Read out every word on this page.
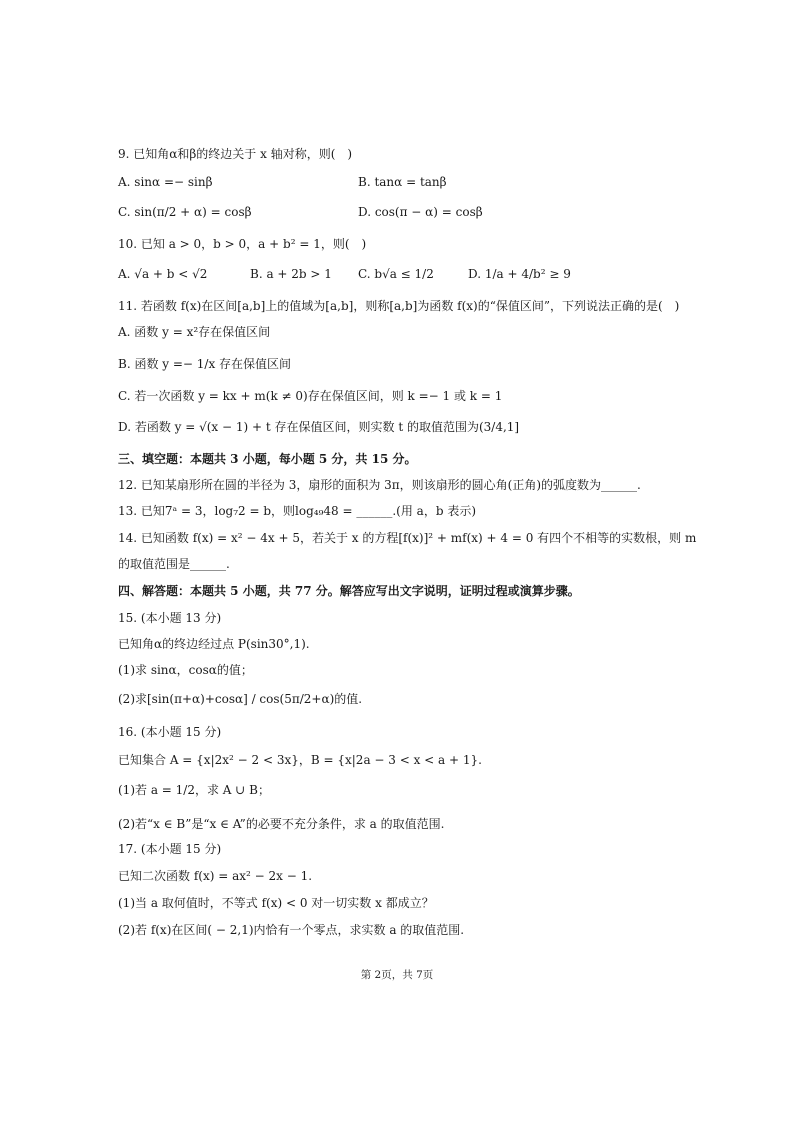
9. 已知角α和β的终边关于 x 轴对称，则(　)
A. sinα =− sinβ	B. tanα = tanβ
C. sin(π/2 + α) = cosβ	D. cos(π − α) = cosβ
10. 已知 a > 0，b > 0，a + b² = 1，则(　)
A. √a + b < √2	B. a + 2b > 1 C. b√a ≤ 1/2	D. 1/a + 4/b² ≥ 9
11. 若函数 f(x)在区间[a,b]上的值域为[a,b]，则称[a,b]为函数 f(x)的“保值区间”，下列说法正确的是(　)
A. 函数 y = x²存在保值区间
B. 函数 y =− 1/x 存在保值区间
C. 若一次函数 y = kx + m(k ≠ 0)存在保值区间，则 k =− 1 或 k = 1
D. 若函数 y = √(x − 1) + t 存在保值区间，则实数 t 的取值范围为(3/4,1]
三、填空题：本题共 3 小题，每小题 5 分，共 15 分。
12. 已知某扇形所在圆的半径为 3，扇形的面积为 3π，则该扇形的圆心角(正角)的弧度数为______.
13. 已知7ᵃ = 3，log₇2 = b，则log₄₉48 = ______.(用 a，b 表示)
14. 已知函数 f(x) = x² − 4x + 5，若关于 x 的方程[f(x)]² + mf(x) + 4 = 0 有四个不相等的实数根，则 m
的取值范围是______.
四、解答题：本题共 5 小题，共 77 分。解答应写出文字说明，证明过程或演算步骤。
15. (本小题 13 分)
已知角α的终边经过点 P(sin30°,1).
(1)求 sinα，cosα的值；
(2)求[sin(π+α)+cosα] / cos(5π/2+α)的值.
16. (本小题 15 分)
已知集合 A = {x|2x² − 2 < 3x}，B = {x|2a − 3 < x < a + 1}.
(1)若 a = 1/2，求 A ∪ B；
(2)若“x ∈ B”是“x ∈ A”的必要不充分条件，求 a 的取值范围.
17. (本小题 15 分)
已知二次函数 f(x) = ax² − 2x − 1.
(1)当 a 取何值时，不等式 f(x) < 0 对一切实数 x 都成立？
(2)若 f(x)在区间( − 2,1)内恰有一个零点，求实数 a 的取值范围.
第 2页，共 7页
